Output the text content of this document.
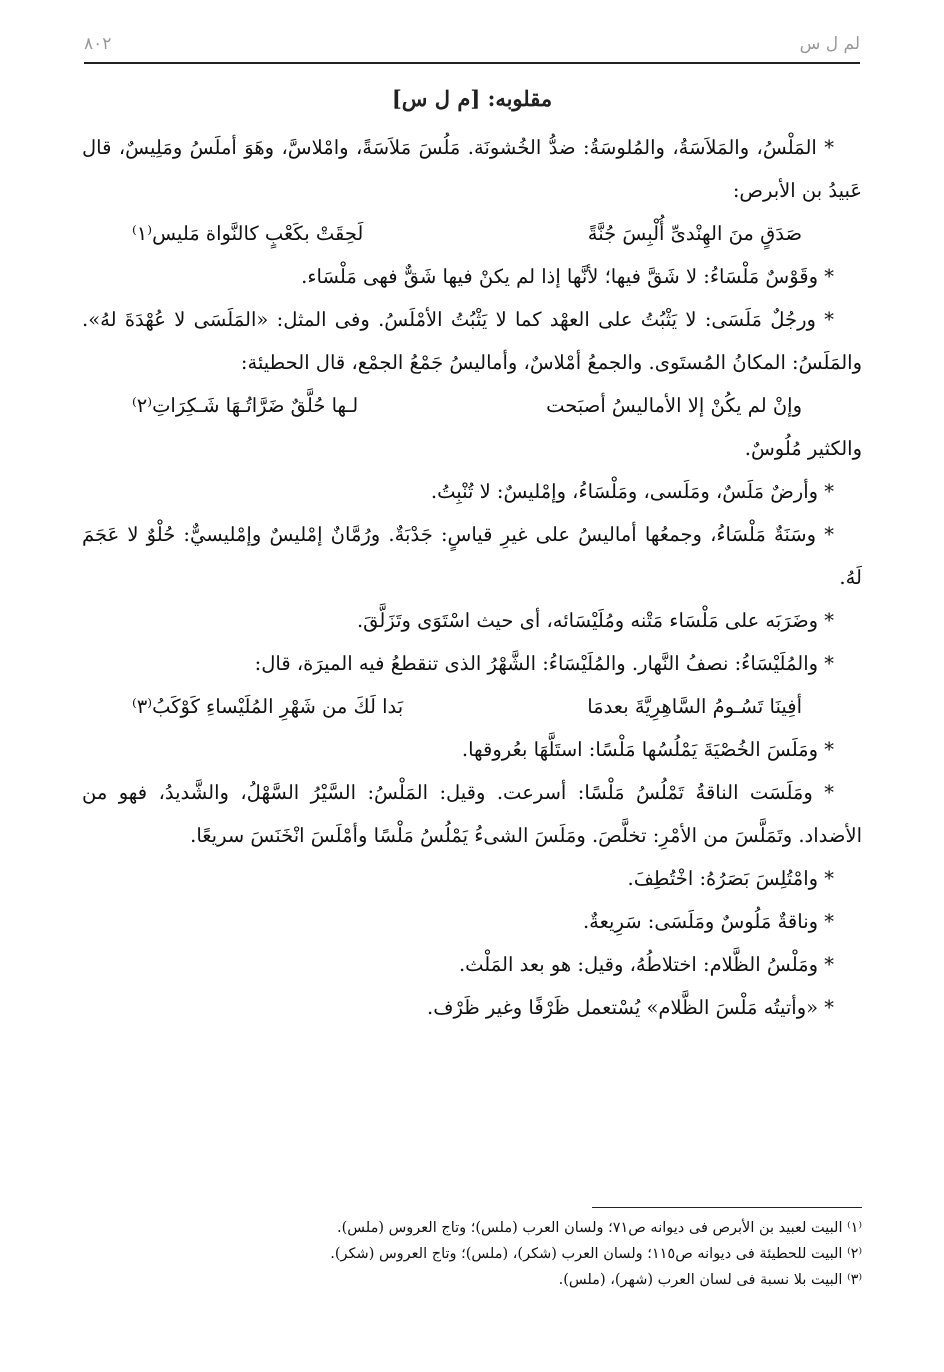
٨٠٢	لم ل س
مقلوبه: [م ل س]

* المَلْسُ، والمَلاَسَةُ، والمُلوسَةُ: ضدُّ الخُشونَة. مَلُسَ مَلاَسَةً، وامْلاسَّ، وهَوَ أملَسُ ومَلِيسٌ، قال عَبيدُ بن الأبرص:

صَدَقٍ منَ الهِنْدىِّ أُلْبِسَ جُنَّةً
لَحِقَتْ بكَعْبٍ كالنَّواة مَليس⁽١⁾

* وقَوْسٌ مَلْسَاءُ: لا شَقَّ فيها؛ لأنَّها إذا لم يكنْ فيها شَقٌّ فهى مَلْسَاء.

* ورجُلٌ مَلَسَى: لا يَثْبُتُ على العهْد كما لا يَثْبُتُ الأمْلَسُ. وفى المثل: «المَلَسَى لا عُهْدَةَ لهُ». والمَلَسُ: المكانُ المُستَوى. والجمعُ أمْلاسٌ، وأماليسُ جَمْعُ الجمْع، قال الحطيئة:

وإنْ لم يكُنْ إلا الأماليسُ أصبَحت
لـها حُلَّقٌ ضَرَّاتُـهَا شَـكِرَاتِ⁽٢⁾

والكثير مُلُوسٌ.

* وأرضٌ مَلَسٌ، ومَلَسى، ومَلْسَاءُ، وإمْليسٌ: لا تُنْبِتُ.

* وسَنَةٌ مَلْسَاءُ، وجمعُها أماليسُ على غيرِ قياسٍ: جَدْبَةٌ. ورُمَّانٌ إمْليسٌ وإمْليسيٌّ: حُلْوٌ لا عَجَمَ لَهُ.

* وضَرَبَه على مَلْسَاء مَتْنه ومُلَيْسَائه، أى حيث اسْتَوَى وتَزَلَّقَ.

* والمُلَيْسَاءُ: نصفُ النَّهار. والمُلَيْسَاءُ: الشَّهْرُ الذى تنقطعُ فيه الميرَة، قال:

أفِينَا تَسُـومُ السَّاهِرِيَّةَ بعدمَا
بَدا لَكَ من شَهْرِ المُلَيْساءِ كَوْكَبُ⁽٣⁾

* ومَلَسَ الخُصْيَةَ يَمْلُسُها مَلْسًا: استَلَّهَا بعُروقها.

* ومَلَسَت الناقةُ تَمْلُسُ مَلْسًا: أسرعت. وقيل: المَلْسُ: السَّيْرُ السَّهْلُ، والشَّديدُ، فهو من الأضداد. وتَمَلَّسَ من الأمْرِ: تخلَّصَ. ومَلَسَ الشىءُ يَمْلُسُ مَلْسًا وأمْلَسَ انْخَنَسَ سريعًا.

* وامْتُلِسَ بَصَرُهُ: اخْتُطِفَ.

* وناقةٌ مَلُوسٌ ومَلَسَى: سَرِيعةٌ.

* ومَلْسُ الظَّلام: اختلاطُهُ، وقيل: هو بعد المَلْث.

* «وأتيتُه مَلْسَ الظَّلام» يُسْتعمل ظَرْفًا وغير ظَرْف.

⁽١⁾ البيت لعبيد بن الأبرص فى ديوانه ص٧١؛ ولسان العرب (ملس)؛ وتاج العروس (ملس).
⁽٢⁾ البيت للحطيئة فى ديوانه ص١١٥؛ ولسان العرب (شكر)، (ملس)؛ وتاج العروس (شكر).
⁽٣⁾ البيت بلا نسبة فى لسان العرب (شهر)، (ملس).
